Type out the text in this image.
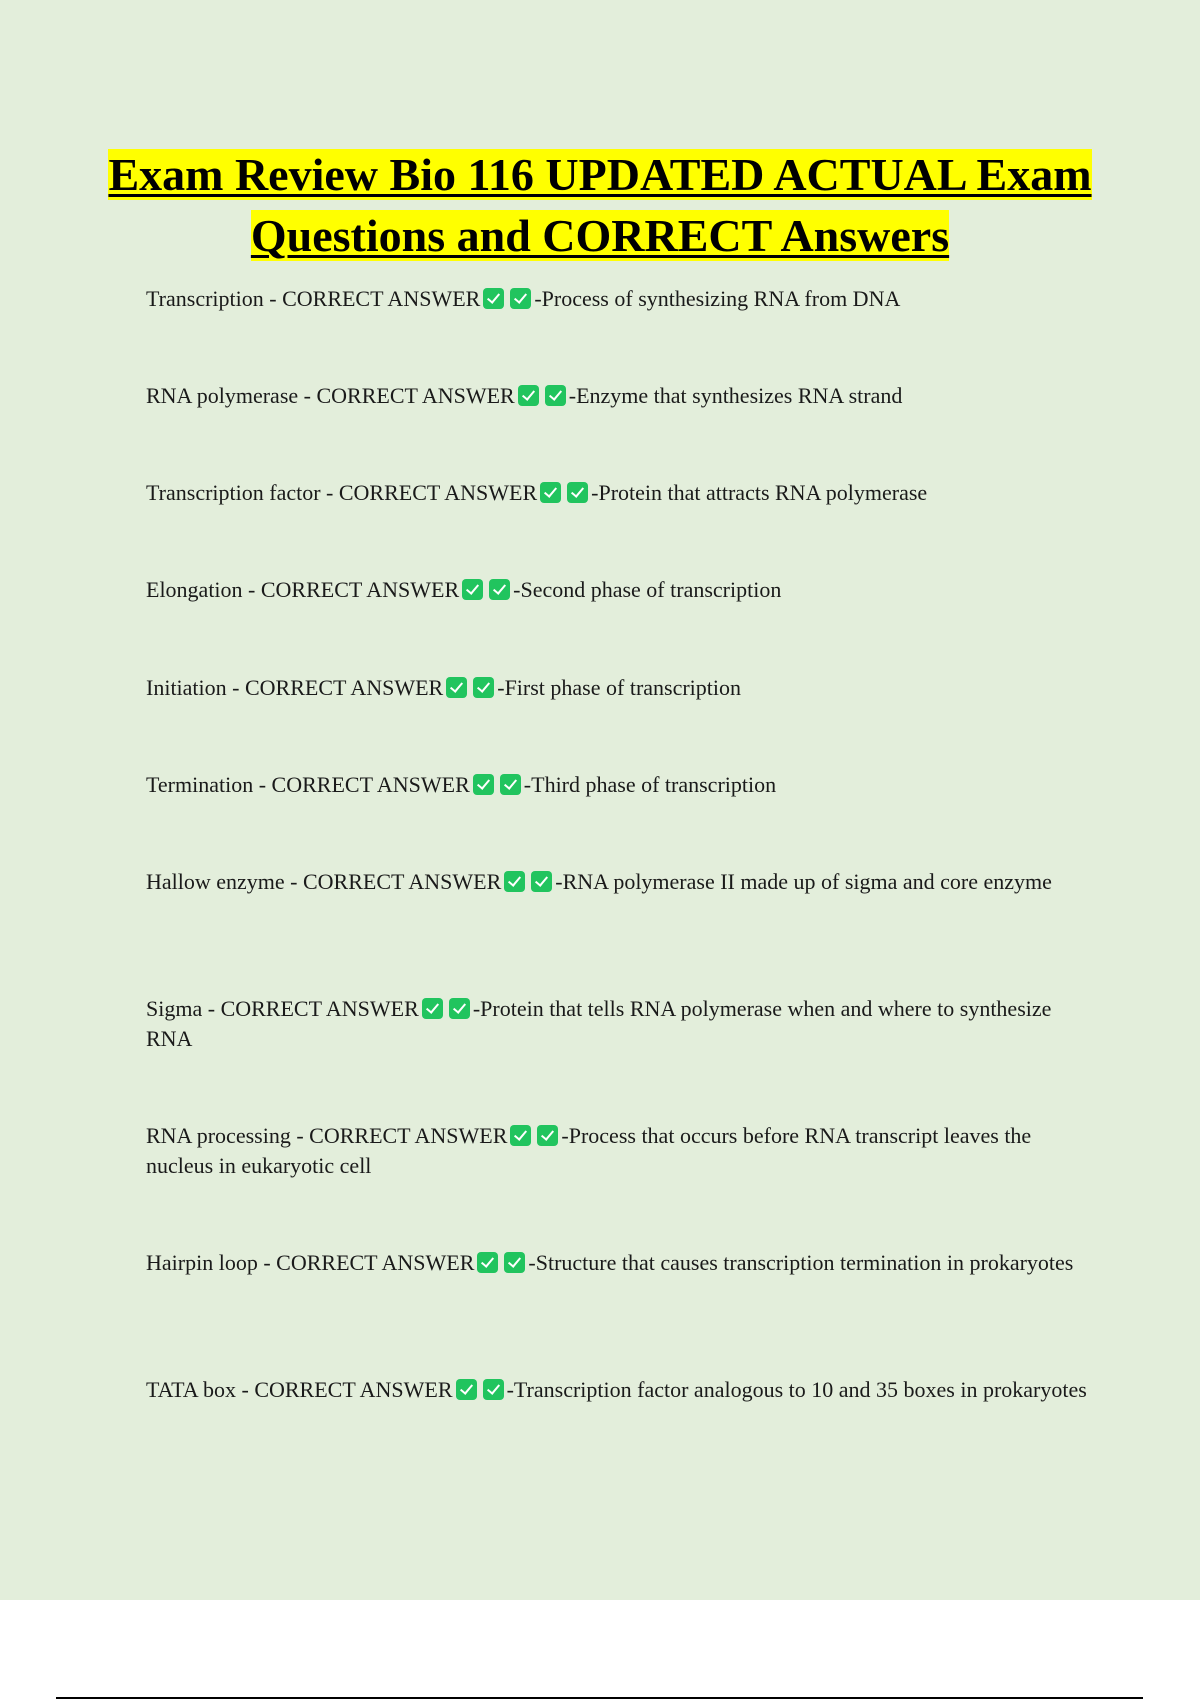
Exam Review Bio 116 UPDATED ACTUAL Exam Questions and CORRECT Answers
Transcription - CORRECT ANSWER -Process of synthesizing RNA from DNA
RNA polymerase - CORRECT ANSWER -Enzyme that synthesizes RNA strand
Transcription factor - CORRECT ANSWER -Protein that attracts RNA polymerase
Elongation - CORRECT ANSWER -Second phase of transcription
Initiation - CORRECT ANSWER -First phase of transcription
Termination - CORRECT ANSWER -Third phase of transcription
Hallow enzyme - CORRECT ANSWER -RNA polymerase II made up of sigma and core enzyme
Sigma - CORRECT ANSWER -Protein that tells RNA polymerase when and where to synthesize RNA
RNA processing - CORRECT ANSWER -Process that occurs before RNA transcript leaves the nucleus in eukaryotic cell
Hairpin loop - CORRECT ANSWER -Structure that causes transcription termination in prokaryotes
TATA box - CORRECT ANSWER -Transcription factor analogous to 10 and 35 boxes in prokaryotes
